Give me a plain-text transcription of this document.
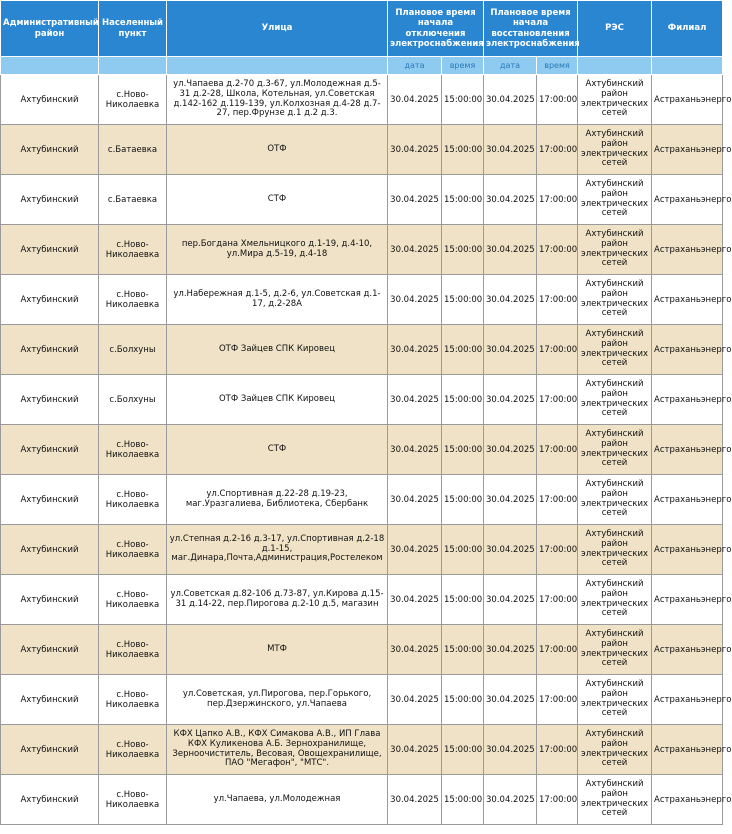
Административный район	Населенный пункт	Улица	Плановое время начала отключения электроснабжения		Плановое время начала восстановления электроснабжения		РЭС	Филиал
			дата	время	дата	время		
Ахтубинский	с.Ново-Николаевка	ул.Чапаева д.2-70 д.3-67, ул.Молодежная д.5-31 д.2-28, Школа, Котельная, ул.Советская д.142-162 д.119-139, ул.Колхозная д.4-28 д.7-27, пер.Фрунзе д.1 д.2 д.3.	30.04.2025	15:00:00	30.04.2025	17:00:00	Ахтубинский район электрических сетей	Астраханьэнерго
Ахтубинский	с.Батаевка	ОТФ	30.04.2025	15:00:00	30.04.2025	17:00:00	Ахтубинский район электрических сетей	Астраханьэнерго
Ахтубинский	с.Батаевка	СТФ	30.04.2025	15:00:00	30.04.2025	17:00:00	Ахтубинский район электрических сетей	Астраханьэнерго
Ахтубинский	с.Ново-Николаевка	пер.Богдана Хмельницкого д.1-19, д.4-10, ул.Мира д.5-19, д.4-18	30.04.2025	15:00:00	30.04.2025	17:00:00	Ахтубинский район электрических сетей	Астраханьэнерго
Ахтубинский	с.Ново-Николаевка	ул.Набережная д.1-5, д.2-6, ул.Советская д.1-17, д.2-28А	30.04.2025	15:00:00	30.04.2025	17:00:00	Ахтубинский район электрических сетей	Астраханьэнерго
Ахтубинский	с.Болхуны	ОТФ Зайцев СПК Кировец	30.04.2025	15:00:00	30.04.2025	17:00:00	Ахтубинский район электрических сетей	Астраханьэнерго
Ахтубинский	с.Болхуны	ОТФ Зайцев СПК Кировец	30.04.2025	15:00:00	30.04.2025	17:00:00	Ахтубинский район электрических сетей	Астраханьэнерго
Ахтубинский	с.Ново-Николаевка	СТФ	30.04.2025	15:00:00	30.04.2025	17:00:00	Ахтубинский район электрических сетей	Астраханьэнерго
Ахтубинский	с.Ново-Николаевка	ул.Спортивная д.22-28 д.19-23, маг.Уразгалиева, Библиотека, Сбербанк	30.04.2025	15:00:00	30.04.2025	17:00:00	Ахтубинский район электрических сетей	Астраханьэнерго
Ахтубинский	с.Ново-Николаевка	ул.Степная д.2-16 д.3-17, ул.Спортивная д.2-18 д.1-15, маг.Динара,Почта,Администрация,Ростелеком	30.04.2025	15:00:00	30.04.2025	17:00:00	Ахтубинский район электрических сетей	Астраханьэнерго
Ахтубинский	с.Ново-Николаевка	ул.Советская д.82-106 д.73-87, ул.Кирова д.15-31 д.14-22, пер.Пирогова д.2-10 д.5, магазин	30.04.2025	15:00:00	30.04.2025	17:00:00	Ахтубинский район электрических сетей	Астраханьэнерго
Ахтубинский	с.Ново-Николаевка	МТФ	30.04.2025	15:00:00	30.04.2025	17:00:00	Ахтубинский район электрических сетей	Астраханьэнерго
Ахтубинский	с.Ново-Николаевка	ул.Советская, ул.Пирогова, пер.Горького, пер.Дзержинского, ул.Чапаева	30.04.2025	15:00:00	30.04.2025	17:00:00	Ахтубинский район электрических сетей	Астраханьэнерго
Ахтубинский	с.Ново-Николаевка	КФХ Цапко А.В., КФХ Симакова А.В., ИП Глава КФХ Куликенова А.Б. Зернохранилище, Зерноочиститель, Весовая, Овощехранилище, ПАО "Мегафон", "МТС".	30.04.2025	15:00:00	30.04.2025	17:00:00	Ахтубинский район электрических сетей	Астраханьэнерго
Ахтубинский	с.Ново-Николаевка	ул.Чапаева, ул.Молодежная	30.04.2025	15:00:00	30.04.2025	17:00:00	Ахтубинский район электрических сетей	Астраханьэнерго
